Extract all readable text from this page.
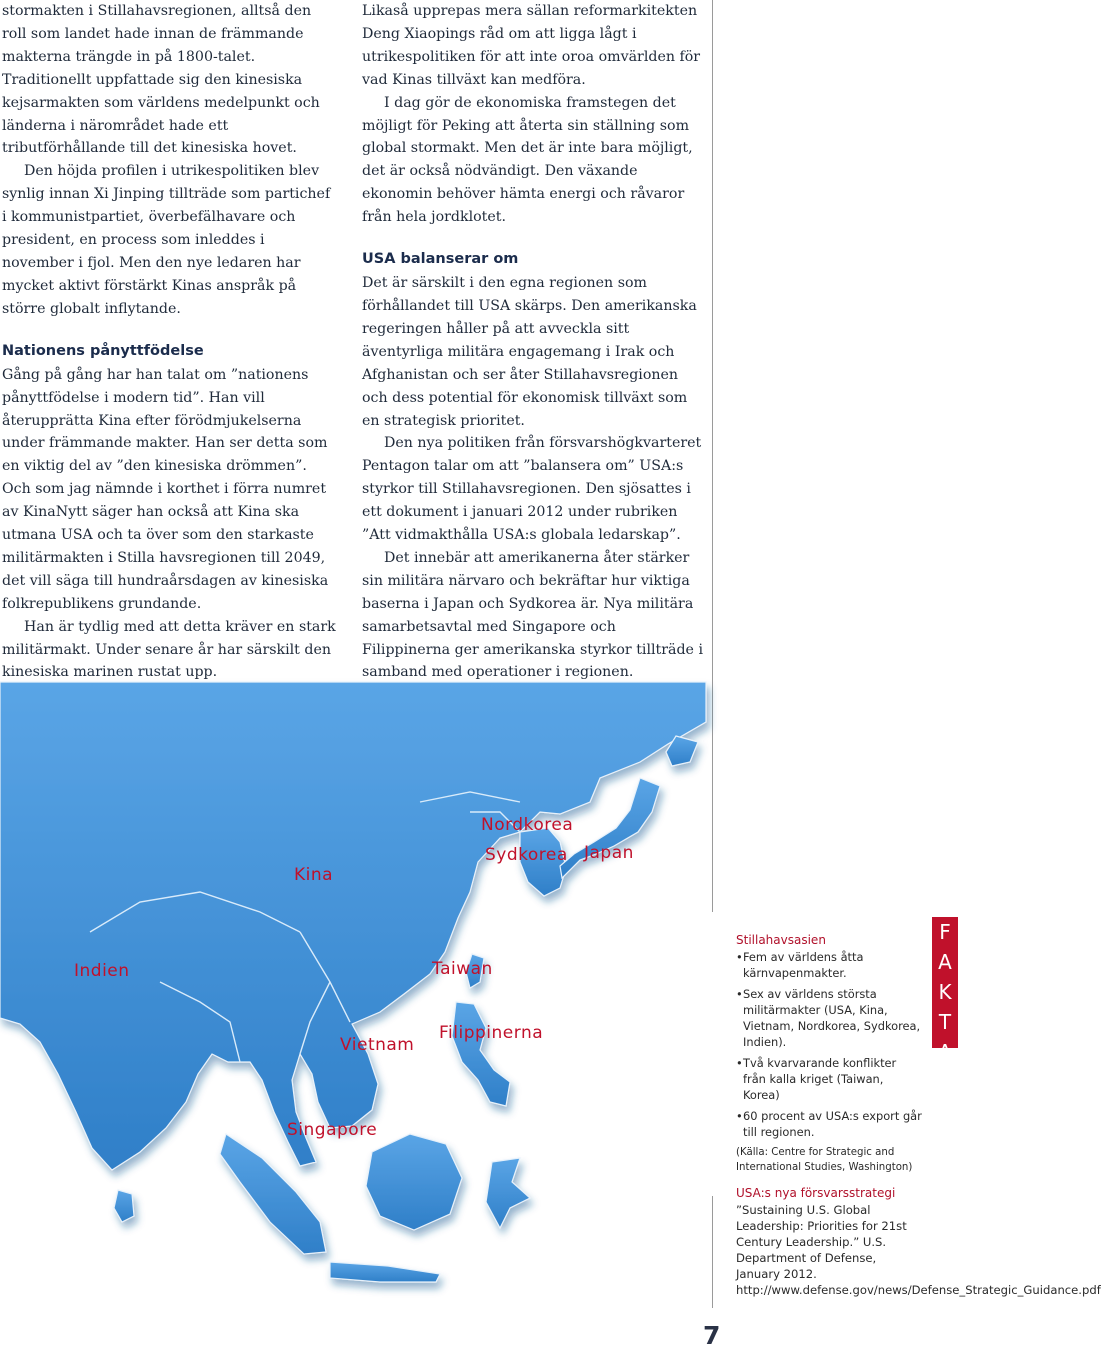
stormakten i Stillahavsregionen, alltså den roll som landet hade innan de främmande makterna trängde in på 1800-talet. Traditionellt uppfattade sig den kinesiska kejsarmakten som världens medelpunkt och länderna i närområdet hade ett tributförhållande till det kinesiska hovet.

Den höjda profilen i utrikespolitiken blev synlig innan Xi Jinping tillträde som partichef i kommunistpartiet, överbefälhavare och president, en process som inleddes i november i fjol. Men den nye ledaren har mycket aktivt förstärkt Kinas anspråk på större globalt inflytande.

Nationens pånyttfödelse

Gång på gång har han talat om ”nationens pånyttfödelse i modern tid”. Han vill återupprätta Kina efter förödmjukelserna under främmande makter. Han ser detta som en viktig del av ”den kinesiska drömmen”. Och som jag nämnde i korthet i förra numret av KinaNytt säger han också att Kina ska utmana USA och ta över som den starkaste militärmakten i Stilla havsregionen till 2049, det vill säga till hundraårsdagen av kinesiska folkrepublikens grundande.

Han är tydlig med att detta kräver en stark militärmakt. Under senare år har särskilt den kinesiska marinen rustat upp.

Likaså upprepas mera sällan reformarkitekten Deng Xiaopings råd om att ligga lågt i utrikespolitiken för att inte oroa omvärlden för vad Kinas tillväxt kan medföra.

I dag gör de ekonomiska framstegen det möjligt för Peking att återta sin ställning som global stormakt. Men det är inte bara möjligt, det är också nödvändigt. Den växande ekonomin behöver hämta energi och råvaror från hela jordklotet.

USA balanserar om

Det är särskilt i den egna regionen som förhållandet till USA skärps. Den amerikanska regeringen håller på att avveckla sitt äventyrliga militära engagemang i Irak och Afghanistan och ser åter Stillahavsregionen och dess potential för ekonomisk tillväxt som en strategisk prioritet.

Den nya politiken från försvarshögkvarteret Pentagon talar om att ”balansera om” USA:s styrkor till Stillahavsregionen. Den sjösattes i ett dokument i januari 2012 under rubriken ”Att vidmakthålla USA:s globala ledarskap”.

Det innebär att amerikanerna åter stärker sin militära närvaro och bekräftar hur viktiga baserna i Japan och Sydkorea är. Nya militära samarbetsavtal med Singapore och Filippinerna ger amerikanska styrkor tillträde i samband med operationer i regionen.

Nordkorea
Sydkorea Japan
Kina
Indien	Taiwan
Vietnam
Filippinerna
Singapore
Stillahavsasien
• Fem av världens åtta kärnvapenmakter.
• Sex av världens största militärmakter (USA, Kina, Vietnam, Nordkorea, Sydkorea, Indien).
• Två kvarvarande konflikter från kalla kriget (Taiwan, Korea)
• 60 procent av USA:s export går till regionen.
(Källa: Centre for Strategic and International Studies, Washington)
USA:s nya försvarsstrategi
”Sustaining U.S. Global Leadership: Priorities for 21st Century Leadership.” U.S. Department of Defense, January 2012. http://www.defense.gov/news/Defense_Strategic_Guidance.pdf
F
A
K
T
A
7
